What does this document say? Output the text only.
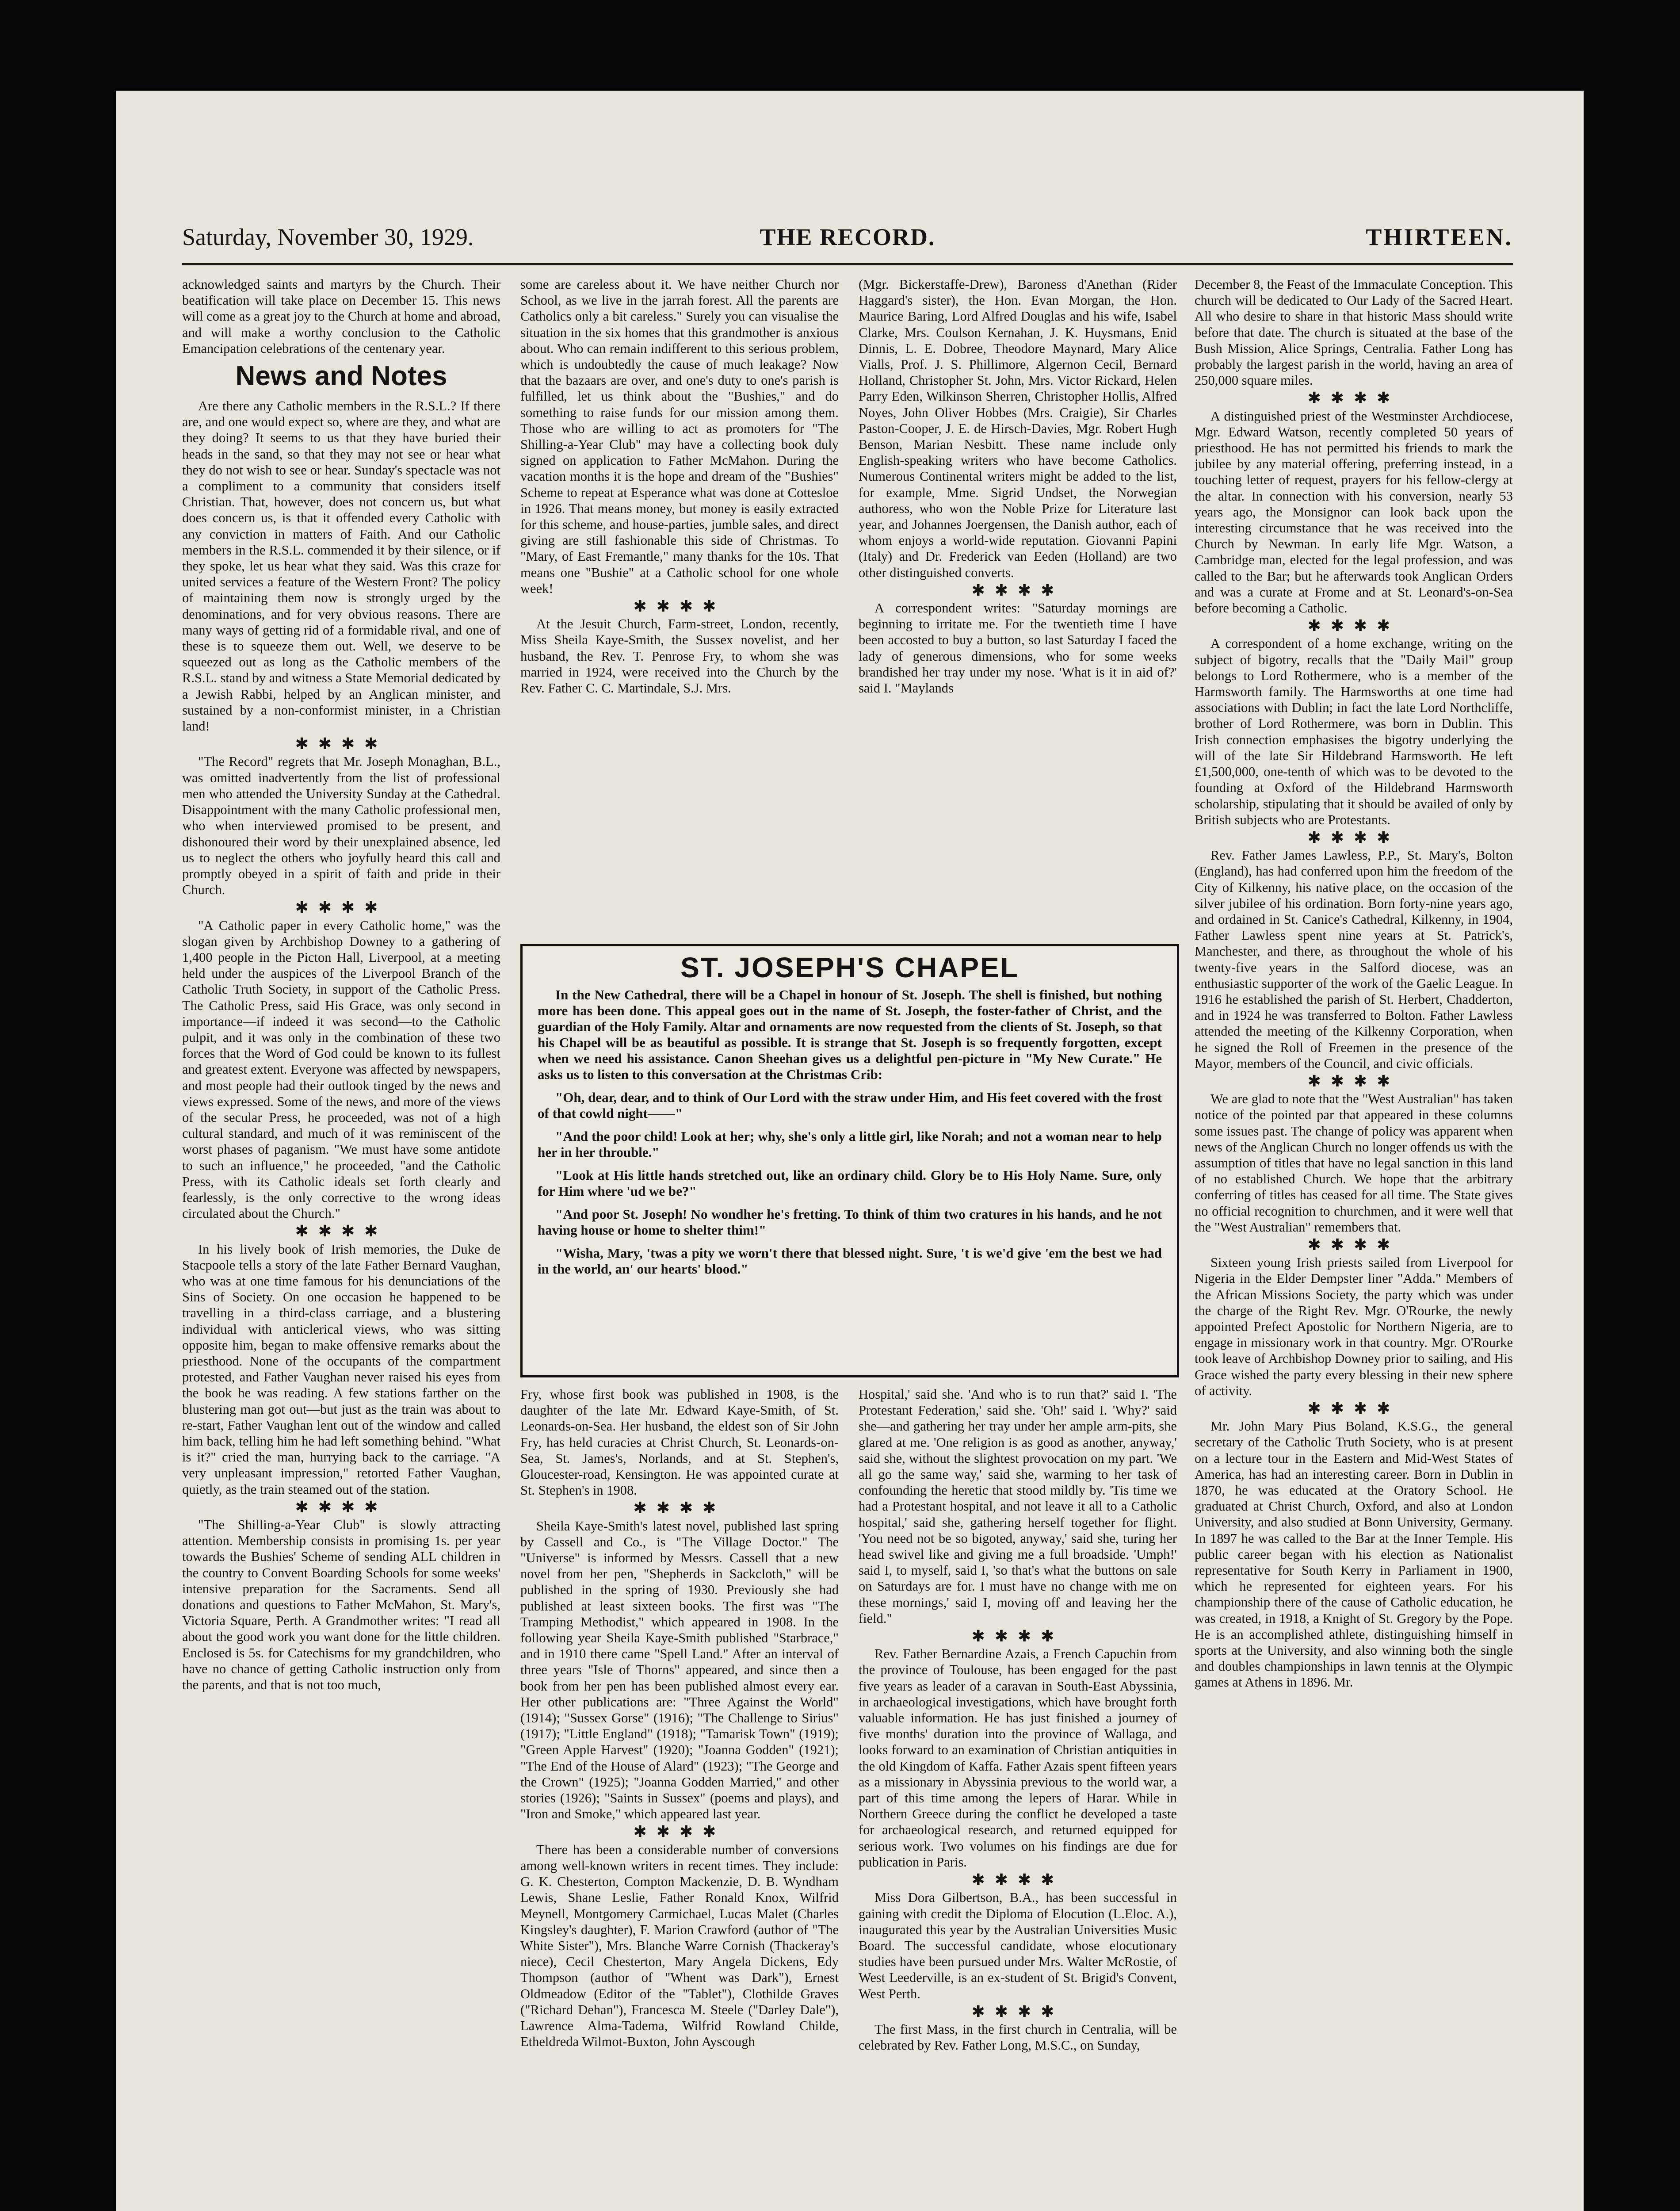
Saturday, November 30, 1929.	THE RECORD.	THIRTEEN.

acknowledged saints and martyrs by the Church. Their beatification will take place on December 15. This news will come as a great joy to the Church at home and abroad, and will make a worthy conclusion to the Catholic Emancipation celebrations of the centenary year.

News and Notes

Are there any Catholic members in the R.S.L.? If there are, and one would expect so, where are they, and what are they doing? It seems to us that they have buried their heads in the sand, so that they may not see or hear what they do not wish to see or hear. Sunday's spectacle was not a compliment to a community that considers itself Christian. That, however, does not concern us, but what does concern us, is that it offended every Catholic with any conviction in matters of Faith. And our Catholic members in the R.S.L. commended it by their silence, or if they spoke, let us hear what they said. Was this craze for united services a feature of the Western Front? The policy of maintaining them now is strongly urged by the denominations, and for very obvious reasons. There are many ways of getting rid of a formidable rival, and one of these is to squeeze them out. Well, we deserve to be squeezed out as long as the Catholic members of the R.S.L. stand by and witness a State Memorial dedicated by a Jewish Rabbi, helped by an Anglican minister, and sustained by a non-conformist minister, in a Christian land!

✱✱✱✱

"The Record" regrets that Mr. Joseph Monaghan, B.L., was omitted inadvertently from the list of professional men who attended the University Sunday at the Cathedral. Disappointment with the many Catholic professional men, who when interviewed promised to be present, and dishonoured their word by their unexplained absence, led us to neglect the others who joyfully heard this call and promptly obeyed in a spirit of faith and pride in their Church.

✱✱✱✱

"A Catholic paper in every Catholic home," was the slogan given by Archbishop Downey to a gathering of 1,400 people in the Picton Hall, Liverpool, at a meeting held under the auspices of the Liverpool Branch of the Catholic Truth Society, in support of the Catholic Press. The Catholic Press, said His Grace, was only second in importance—if indeed it was second—to the Catholic pulpit, and it was only in the combination of these two forces that the Word of God could be known to its fullest and greatest extent. Everyone was affected by newspapers, and most people had their outlook tinged by the news and views expressed. Some of the news, and more of the views of the secular Press, he proceeded, was not of a high cultural standard, and much of it was reminiscent of the worst phases of paganism. "We must have some antidote to such an influence," he proceeded, "and the Catholic Press, with its Catholic ideals set forth clearly and fearlessly, is the only corrective to the wrong ideas circulated about the Church."

✱✱✱✱

In his lively book of Irish memories, the Duke de Stacpoole tells a story of the late Father Bernard Vaughan, who was at one time famous for his denunciations of the Sins of Society. On one occasion he happened to be travelling in a third-class carriage, and a blustering individual with anticlerical views, who was sitting opposite him, began to make offensive remarks about the priesthood. None of the occupants of the compartment protested, and Father Vaughan never raised his eyes from the book he was reading. A few stations farther on the blustering man got out—but just as the train was about to re-start, Father Vaughan lent out of the window and called him back, telling him he had left something behind. "What is it?" cried the man, hurrying back to the carriage. "A very unpleasant impression," retorted Father Vaughan, quietly, as the train steamed out of the station.

✱✱✱✱

"The Shilling-a-Year Club" is slowly attracting attention. Membership consists in promising 1s. per year towards the Bushies' Scheme of sending ALL children in the country to Convent Boarding Schools for some weeks' intensive preparation for the Sacraments. Send all donations and questions to Father McMahon, St. Mary's, Victoria Square, Perth. A Grandmother writes: "I read all about the good work you want done for the little children. Enclosed is 5s. for Catechisms for my grandchildren, who have no chance of getting Catholic instruction only from the parents, and that is not too much,

some are careless about it. We have neither Church nor School, as we live in the jarrah forest. All the parents are Catholics only a bit careless." Surely you can visualise the situation in the six homes that this grandmother is anxious about. Who can remain indifferent to this serious problem, which is undoubtedly the cause of much leakage? Now that the bazaars are over, and one's duty to one's parish is fulfilled, let us think about the "Bushies," and do something to raise funds for our mission among them. Those who are willing to act as promoters for "The Shilling-a-Year Club" may have a collecting book duly signed on application to Father McMahon. During the vacation months it is the hope and dream of the "Bushies" Scheme to repeat at Esperance what was done at Cottesloe in 1926. That means money, but money is easily extracted for this scheme, and house-parties, jumble sales, and direct giving are still fashionable this side of Christmas. To "Mary, of East Fremantle," many thanks for the 10s. That means one "Bushie" at a Catholic school for one whole week!

✱✱✱✱

At the Jesuit Church, Farm-street, London, recently, Miss Sheila Kaye-Smith, the Sussex novelist, and her husband, the Rev. T. Penrose Fry, to whom she was married in 1924, were received into the Church by the Rev. Father C. C. Martindale, S.J. Mrs.

(Mgr. Bickerstaffe-Drew), Baroness d'Anethan (Rider Haggard's sister), the Hon. Evan Morgan, the Hon. Maurice Baring, Lord Alfred Douglas and his wife, Isabel Clarke, Mrs. Coulson Kernahan, J. K. Huysmans, Enid Dinnis, L. E. Dobree, Theodore Maynard, Mary Alice Vialls, Prof. J. S. Phillimore, Algernon Cecil, Bernard Holland, Christopher St. John, Mrs. Victor Rickard, Helen Parry Eden, Wilkinson Sherren, Christopher Hollis, Alfred Noyes, John Oliver Hobbes (Mrs. Craigie), Sir Charles Paston-Cooper, J. E. de Hirsch-Davies, Mgr. Robert Hugh Benson, Marian Nesbitt. These name include only English-speaking writers who have become Catholics. Numerous Continental writers might be added to the list, for example, Mme. Sigrid Undset, the Norwegian authoress, who won the Noble Prize for Literature last year, and Johannes Joergensen, the Danish author, each of whom enjoys a world-wide reputation. Giovanni Papini (Italy) and Dr. Frederick van Eeden (Holland) are two other distinguished converts.

✱✱✱✱

A correspondent writes: "Saturday mornings are beginning to irritate me. For the twentieth time I have been accosted to buy a button, so last Saturday I faced the lady of generous dimensions, who for some weeks brandished her tray under my nose. 'What is it in aid of?' said I. "Maylands

ST. JOSEPH'S CHAPEL

In the New Cathedral, there will be a Chapel in honour of St. Joseph. The shell is finished, but nothing more has been done. This appeal goes out in the name of St. Joseph, the foster-father of Christ, and the guardian of the Holy Family. Altar and ornaments are now requested from the clients of St. Joseph, so that his Chapel will be as beautiful as possible. It is strange that St. Joseph is so frequently forgotten, except when we need his assistance. Canon Sheehan gives us a delightful pen-picture in "My New Curate." He asks us to listen to this conversation at the Christmas Crib:

"Oh, dear, dear, and to think of Our Lord with the straw under Him, and His feet covered with the frost of that cowld night——"

"And the poor child! Look at her; why, she's only a little girl, like Norah; and not a woman near to help her in her throuble."

"Look at His little hands stretched out, like an ordinary child. Glory be to His Holy Name. Sure, only for Him where 'ud we be?"

"And poor St. Joseph! No wondher he's fretting. To think of thim two cratures in his hands, and he not having house or home to shelter thim!"

"Wisha, Mary, 'twas a pity we worn't there that blessed night. Sure, 't is we'd give 'em the best we had in the world, an' our hearts' blood."

Fry, whose first book was published in 1908, is the daughter of the late Mr. Edward Kaye-Smith, of St. Leonards-on-Sea. Her husband, the eldest son of Sir John Fry, has held curacies at Christ Church, St. Leonards-on-Sea, St. James's, Norlands, and at St. Stephen's, Gloucester-road, Kensington. He was appointed curate at St. Stephen's in 1908.

✱✱✱✱

Sheila Kaye-Smith's latest novel, published last spring by Cassell and Co., is "The Village Doctor." The "Universe" is informed by Messrs. Cassell that a new novel from her pen, "Shepherds in Sackcloth," will be published in the spring of 1930. Previously she had published at least sixteen books. The first was "The Tramping Methodist," which appeared in 1908. In the following year Sheila Kaye-Smith published "Starbrace," and in 1910 there came "Spell Land." After an interval of three years "Isle of Thorns" appeared, and since then a book from her pen has been published almost every ear. Her other publications are: "Three Against the World" (1914); "Sussex Gorse" (1916); "The Challenge to Sirius" (1917); "Little England" (1918); "Tamarisk Town" (1919); "Green Apple Harvest" (1920); "Joanna Godden" (1921); "The End of the House of Alard" (1923); "The George and the Crown" (1925); "Joanna Godden Married," and other stories (1926); "Saints in Sussex" (poems and plays), and "Iron and Smoke," which appeared last year.

✱✱✱✱

There has been a considerable number of conversions among well-known writers in recent times. They include: G. K. Chesterton, Compton Mackenzie, D. B. Wyndham Lewis, Shane Leslie, Father Ronald Knox, Wilfrid Meynell, Montgomery Carmichael, Lucas Malet (Charles Kingsley's daughter), F. Marion Crawford (author of "The White Sister"), Mrs. Blanche Warre Cornish (Thackeray's niece), Cecil Chesterton, Mary Angela Dickens, Edy Thompson (author of "Whent was Dark"), Ernest Oldmeadow (Editor of the "Tablet"), Clothilde Graves ("Richard Dehan"), Francesca M. Steele ("Darley Dale"), Lawrence Alma-Tadema, Wilfrid Rowland Childe, Etheldreda Wilmot-Buxton, John Ayscough

Hospital,' said she. 'And who is to run that?' said I. 'The Protestant Federation,' said she. 'Oh!' said I. 'Why?' said she—and gathering her tray under her ample arm-pits, she glared at me. 'One religion is as good as another, anyway,' said she, without the slightest provocation on my part. 'We all go the same way,' said she, warming to her task of confounding the heretic that stood mildly by. 'Tis time we had a Protestant hospital, and not leave it all to a Catholic hospital,' said she, gathering herself together for flight. 'You need not be so bigoted, anyway,' said she, turing her head swivel like and giving me a full broadside. 'Umph!' said I, to myself, said I, 'so that's what the buttons on sale on Saturdays are for. I must have no change with me on these mornings,' said I, moving off and leaving her the field."

✱✱✱✱

Rev. Father Bernardine Azais, a French Capuchin from the province of Toulouse, has been engaged for the past five years as leader of a caravan in South-East Abyssinia, in archaeological investigations, which have brought forth valuable information. He has just finished a journey of five months' duration into the province of Wallaga, and looks forward to an examination of Christian antiquities in the old Kingdom of Kaffa. Father Azais spent fifteen years as a missionary in Abyssinia previous to the world war, a part of this time among the lepers of Harar. While in Northern Greece during the conflict he developed a taste for archaeological research, and returned equipped for serious work. Two volumes on his findings are due for publication in Paris.

✱✱✱✱

Miss Dora Gilbertson, B.A., has been successful in gaining with credit the Diploma of Elocution (L.Eloc. A.), inaugurated this year by the Australian Universities Music Board. The successful candidate, whose elocutionary studies have been pursued under Mrs. Walter McRostie, of West Leederville, is an ex-student of St. Brigid's Convent, West Perth.

✱✱✱✱

The first Mass, in the first church in Centralia, will be celebrated by Rev. Father Long, M.S.C., on Sunday,

December 8, the Feast of the Immaculate Conception. This church will be dedicated to Our Lady of the Sacred Heart. All who desire to share in that historic Mass should write before that date. The church is situated at the base of the Bush Mission, Alice Springs, Centralia. Father Long has probably the largest parish in the world, having an area of 250,000 square miles.

✱✱✱✱

A distinguished priest of the Westminster Archdiocese, Mgr. Edward Watson, recently completed 50 years of priesthood. He has not permitted his friends to mark the jubilee by any material offering, preferring instead, in a touching letter of request, prayers for his fellow-clergy at the altar. In connection with his conversion, nearly 53 years ago, the Monsignor can look back upon the interesting circumstance that he was received into the Church by Newman. In early life Mgr. Watson, a Cambridge man, elected for the legal profession, and was called to the Bar; but he afterwards took Anglican Orders and was a curate at Frome and at St. Leonard's-on-Sea before becoming a Catholic.

✱✱✱✱

A correspondent of a home exchange, writing on the subject of bigotry, recalls that the "Daily Mail" group belongs to Lord Rothermere, who is a member of the Harmsworth family. The Harmsworths at one time had associations with Dublin; in fact the late Lord Northcliffe, brother of Lord Rothermere, was born in Dublin. This Irish connection emphasises the bigotry underlying the will of the late Sir Hildebrand Harmsworth. He left £1,500,000, one-tenth of which was to be devoted to the founding at Oxford of the Hildebrand Harmsworth scholarship, stipulating that it should be availed of only by British subjects who are Protestants.

✱✱✱✱

Rev. Father James Lawless, P.P., St. Mary's, Bolton (England), has had conferred upon him the freedom of the City of Kilkenny, his native place, on the occasion of the silver jubilee of his ordination. Born forty-nine years ago, and ordained in St. Canice's Cathedral, Kilkenny, in 1904, Father Lawless spent nine years at St. Patrick's, Manchester, and there, as throughout the whole of his twenty-five years in the Salford diocese, was an enthusiastic supporter of the work of the Gaelic League. In 1916 he established the parish of St. Herbert, Chadderton, and in 1924 he was transferred to Bolton. Father Lawless attended the meeting of the Kilkenny Corporation, when he signed the Roll of Freemen in the presence of the Mayor, members of the Council, and civic officials.

✱✱✱✱

We are glad to note that the "West Australian" has taken notice of the pointed par that appeared in these columns some issues past. The change of policy was apparent when news of the Anglican Church no longer offends us with the assumption of titles that have no legal sanction in this land of no established Church. We hope that the arbitrary conferring of titles has ceased for all time. The State gives no official recognition to churchmen, and it were well that the "West Australian" remembers that.

✱✱✱✱

Sixteen young Irish priests sailed from Liverpool for Nigeria in the Elder Dempster liner "Adda." Members of the African Missions Society, the party which was under the charge of the Right Rev. Mgr. O'Rourke, the newly appointed Prefect Apostolic for Northern Nigeria, are to engage in missionary work in that country. Mgr. O'Rourke took leave of Archbishop Downey prior to sailing, and His Grace wished the party every blessing in their new sphere of activity.

✱✱✱✱

Mr. John Mary Pius Boland, K.S.G., the general secretary of the Catholic Truth Society, who is at present on a lecture tour in the Eastern and Mid-West States of America, has had an interesting career. Born in Dublin in 1870, he was educated at the Oratory School. He graduated at Christ Church, Oxford, and also at London University, and also studied at Bonn University, Germany. In 1897 he was called to the Bar at the Inner Temple. His public career began with his election as Nationalist representative for South Kerry in Parliament in 1900, which he represented for eighteen years. For his championship there of the cause of Catholic education, he was created, in 1918, a Knight of St. Gregory by the Pope. He is an accomplished athlete, distinguishing himself in sports at the University, and also winning both the single and doubles championships in lawn tennis at the Olympic games at Athens in 1896. Mr.
